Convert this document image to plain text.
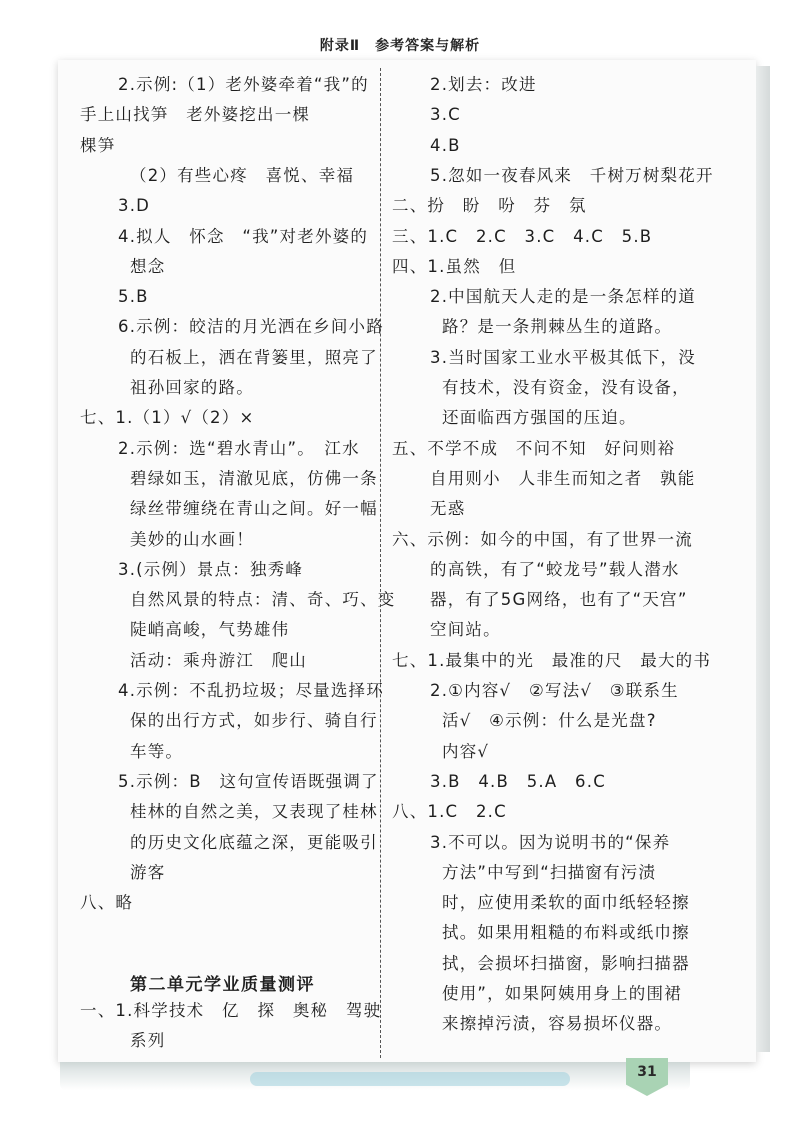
附录Ⅱ　参考答案与解析
2.示例:（1）老外婆牵着“我”的
手上山找笋　老外婆挖出一棵
棵笋
（2）有些心疼　喜悦、幸福
3.D
4.拟人　怀念　“我”对老外婆的
想念
5.B
6.示例：皎洁的月光洒在乡间小路
的石板上，洒在背篓里，照亮了
祖孙回家的路。
七、1.（1）√（2）×
2.示例：选“碧水青山”。　江水
碧绿如玉，清澈见底，仿佛一条
绿丝带缠绕在青山之间。好一幅
美妙的山水画！
3.(示例）景点：独秀峰
自然风景的特点：清、奇、巧、变
陡峭高峻，气势雄伟
活动：乘舟游江　爬山
4.示例：不乱扔垃圾；尽量选择环
保的出行方式，如步行、骑自行
车等。
5.示例：B　这句宣传语既强调了
桂林的自然之美，又表现了桂林
的历史文化底蕴之深，更能吸引
游客
八、略
第二单元学业质量测评
一、1.科学技术　亿　探　奥秘　驾驶
系列
2.划去：改进
3.C
4.B
5.忽如一夜春风来　千树万树梨花开
二、扮　盼　吩　芬　氛
三、1.C　2.C　3.C　4.C　5.B
四、1.虽然　但
2.中国航天人走的是一条怎样的道
路？是一条荆棘丛生的道路。
3.当时国家工业水平极其低下，没
有技术，没有资金，没有设备，
还面临西方强国的压迫。
五、不学不成　不问不知　好问则裕
自用则小　人非生而知之者　孰能
无惑
六、示例：如今的中国，有了世界一流
的高铁，有了“蛟龙号”载人潜水
器，有了5G网络，也有了“天宫”
空间站。
七、1.最集中的光　最准的尺　最大的书
2.①内容√　②写法√　③联系生
活√　④示例：什么是光盘?
内容√
3.B　4.B　5.A　6.C
八、1.C　2.C
3.不可以。因为说明书的“保养
方法”中写到“扫描窗有污渍
时，应使用柔软的面巾纸轻轻擦
拭。如果用粗糙的布料或纸巾擦
拭，会损坏扫描窗，影响扫描器
使用”，如果阿姨用身上的围裙
来擦掉污渍，容易损坏仪器。
31
